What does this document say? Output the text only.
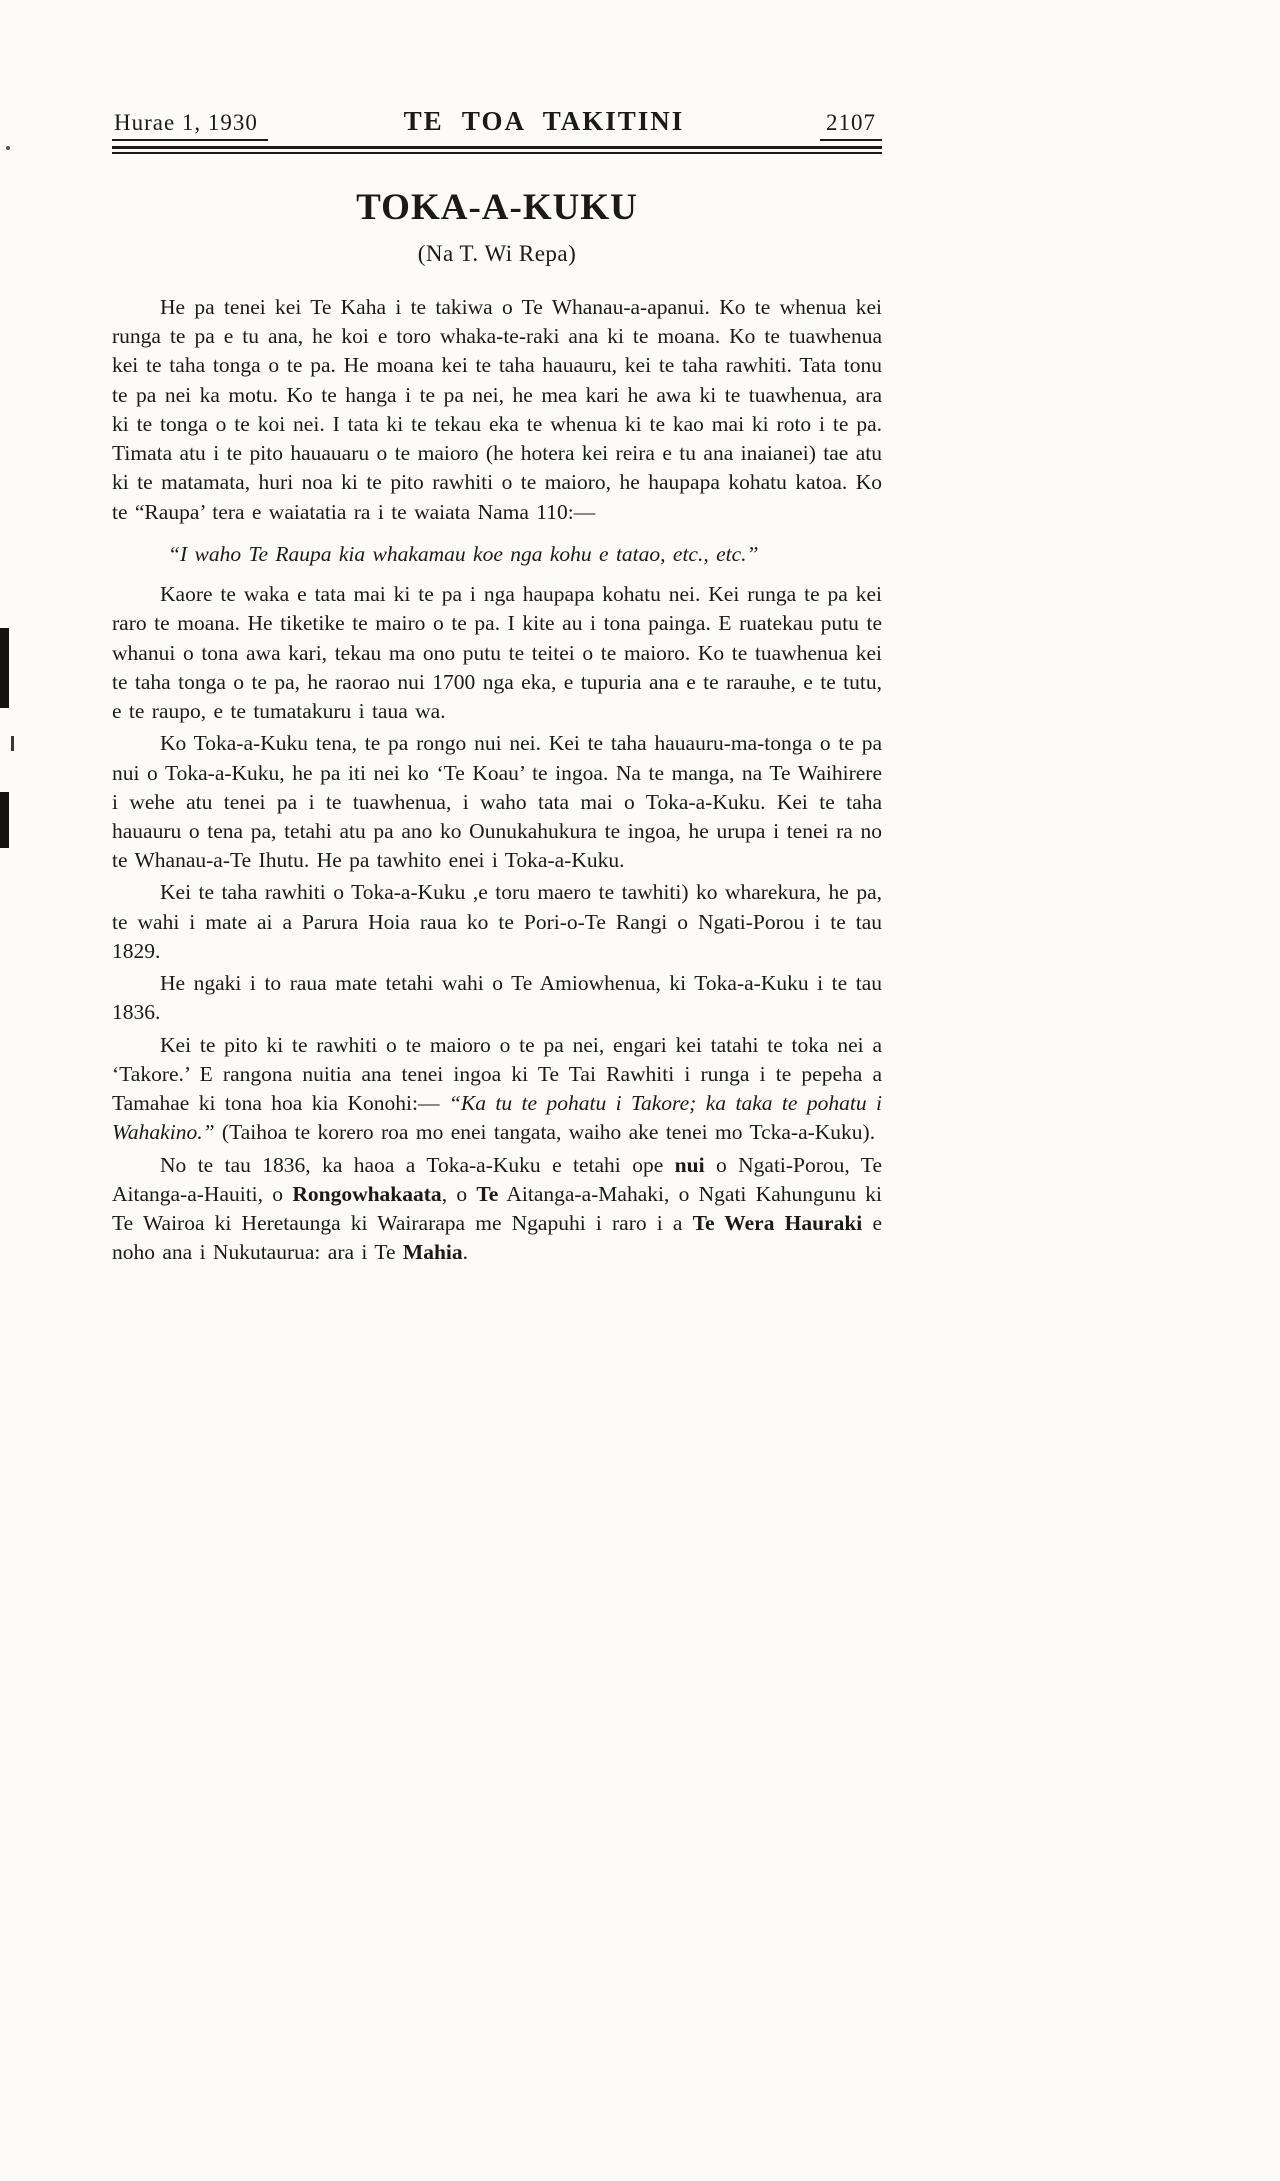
Hurae 1, 1930	TE TOA TAKITINI	2107
TOKA-A-KUKU
(Na T. Wi Repa)

He pa tenei kei Te Kaha i te takiwa o Te Whanau-a-apanui. Ko te whenua kei runga te pa e tu ana, he koi e toro whaka-te-raki ana ki te moana. Ko te tuawhenua kei te taha tonga o te pa. He moana kei te taha hauauru, kei te taha rawhiti. Tata tonu te pa nei ka motu. Ko te hanga i te pa nei, he mea kari he awa ki te tuawhenua, ara ki te tonga o te koi nei. I tata ki te tekau eka te whenua ki te kao mai ki roto i te pa. Timata atu i te pito hauauaru o te maioro (he hotera kei reira e tu ana inaianei) tae atu ki te matamata, huri noa ki te pito rawhiti o te maioro, he haupapa kohatu katoa. Ko te “Raupa’ tera e waiatatia ra i te waiata Nama 110:—

“I waho Te Raupa kia whakamau koe nga kohu e tatao, etc., etc.”

Kaore te waka e tata mai ki te pa i nga haupapa kohatu nei. Kei runga te pa kei raro te moana. He tiketike te mairo o te pa. I kite au i tona painga. E ruatekau putu te whanui o tona awa kari, tekau ma ono putu te teitei o te maioro. Ko te tuawhenua kei te taha tonga o te pa, he raorao nui 1700 nga eka, e tupuria ana e te rarauhe, e te tutu, e te raupo, e te tumatakuru i taua wa.

Ko Toka-a-Kuku tena, te pa rongo nui nei. Kei te taha hauauru-ma-tonga o te pa nui o Toka-a-Kuku, he pa iti nei ko ‘Te Koau’ te ingoa. Na te manga, na Te Waihirere i wehe atu tenei pa i te tuawhenua, i waho tata mai o Toka-a-Kuku. Kei te taha hauauru o tena pa, tetahi atu pa ano ko Ounukahukura te ingoa, he urupa i tenei ra no te Whanau-a-Te Ihutu. He pa tawhito enei i Toka-a-Kuku.

Kei te taha rawhiti o Toka-a-Kuku ,e toru maero te tawhiti) ko wharekura, he pa, te wahi i mate ai a Parura Hoia raua ko te Pori-o-Te Rangi o Ngati-Porou i te tau 1829.

He ngaki i to raua mate tetahi wahi o Te Amiowhenua, ki Toka-a-Kuku i te tau 1836.

Kei te pito ki te rawhiti o te maioro o te pa nei, engari kei tatahi te toka nei a ‘Takore.’ E rangona nuitia ana tenei ingoa ki Te Tai Rawhiti i runga i te pepeha a Tamahae ki tona hoa kia Konohi:— “Ka tu te pohatu i Takore; ka taka te pohatu i Wahakino.” (Taihoa te korero roa mo enei tangata, waiho ake tenei mo Tcka-a-Kuku).

No te tau 1836, ka haoa a Toka-a-Kuku e tetahi ope nui o Ngati-Porou, Te Aitanga-a-Hauiti, o Rongowhakaata, o Te Aitanga-a-Mahaki, o Ngati Kahungunu ki Te Wairoa ki Heretaunga ki Wairarapa me Ngapuhi i raro i a Te Wera Hauraki e noho ana i Nukutaurua: ara i Te Mahia.
